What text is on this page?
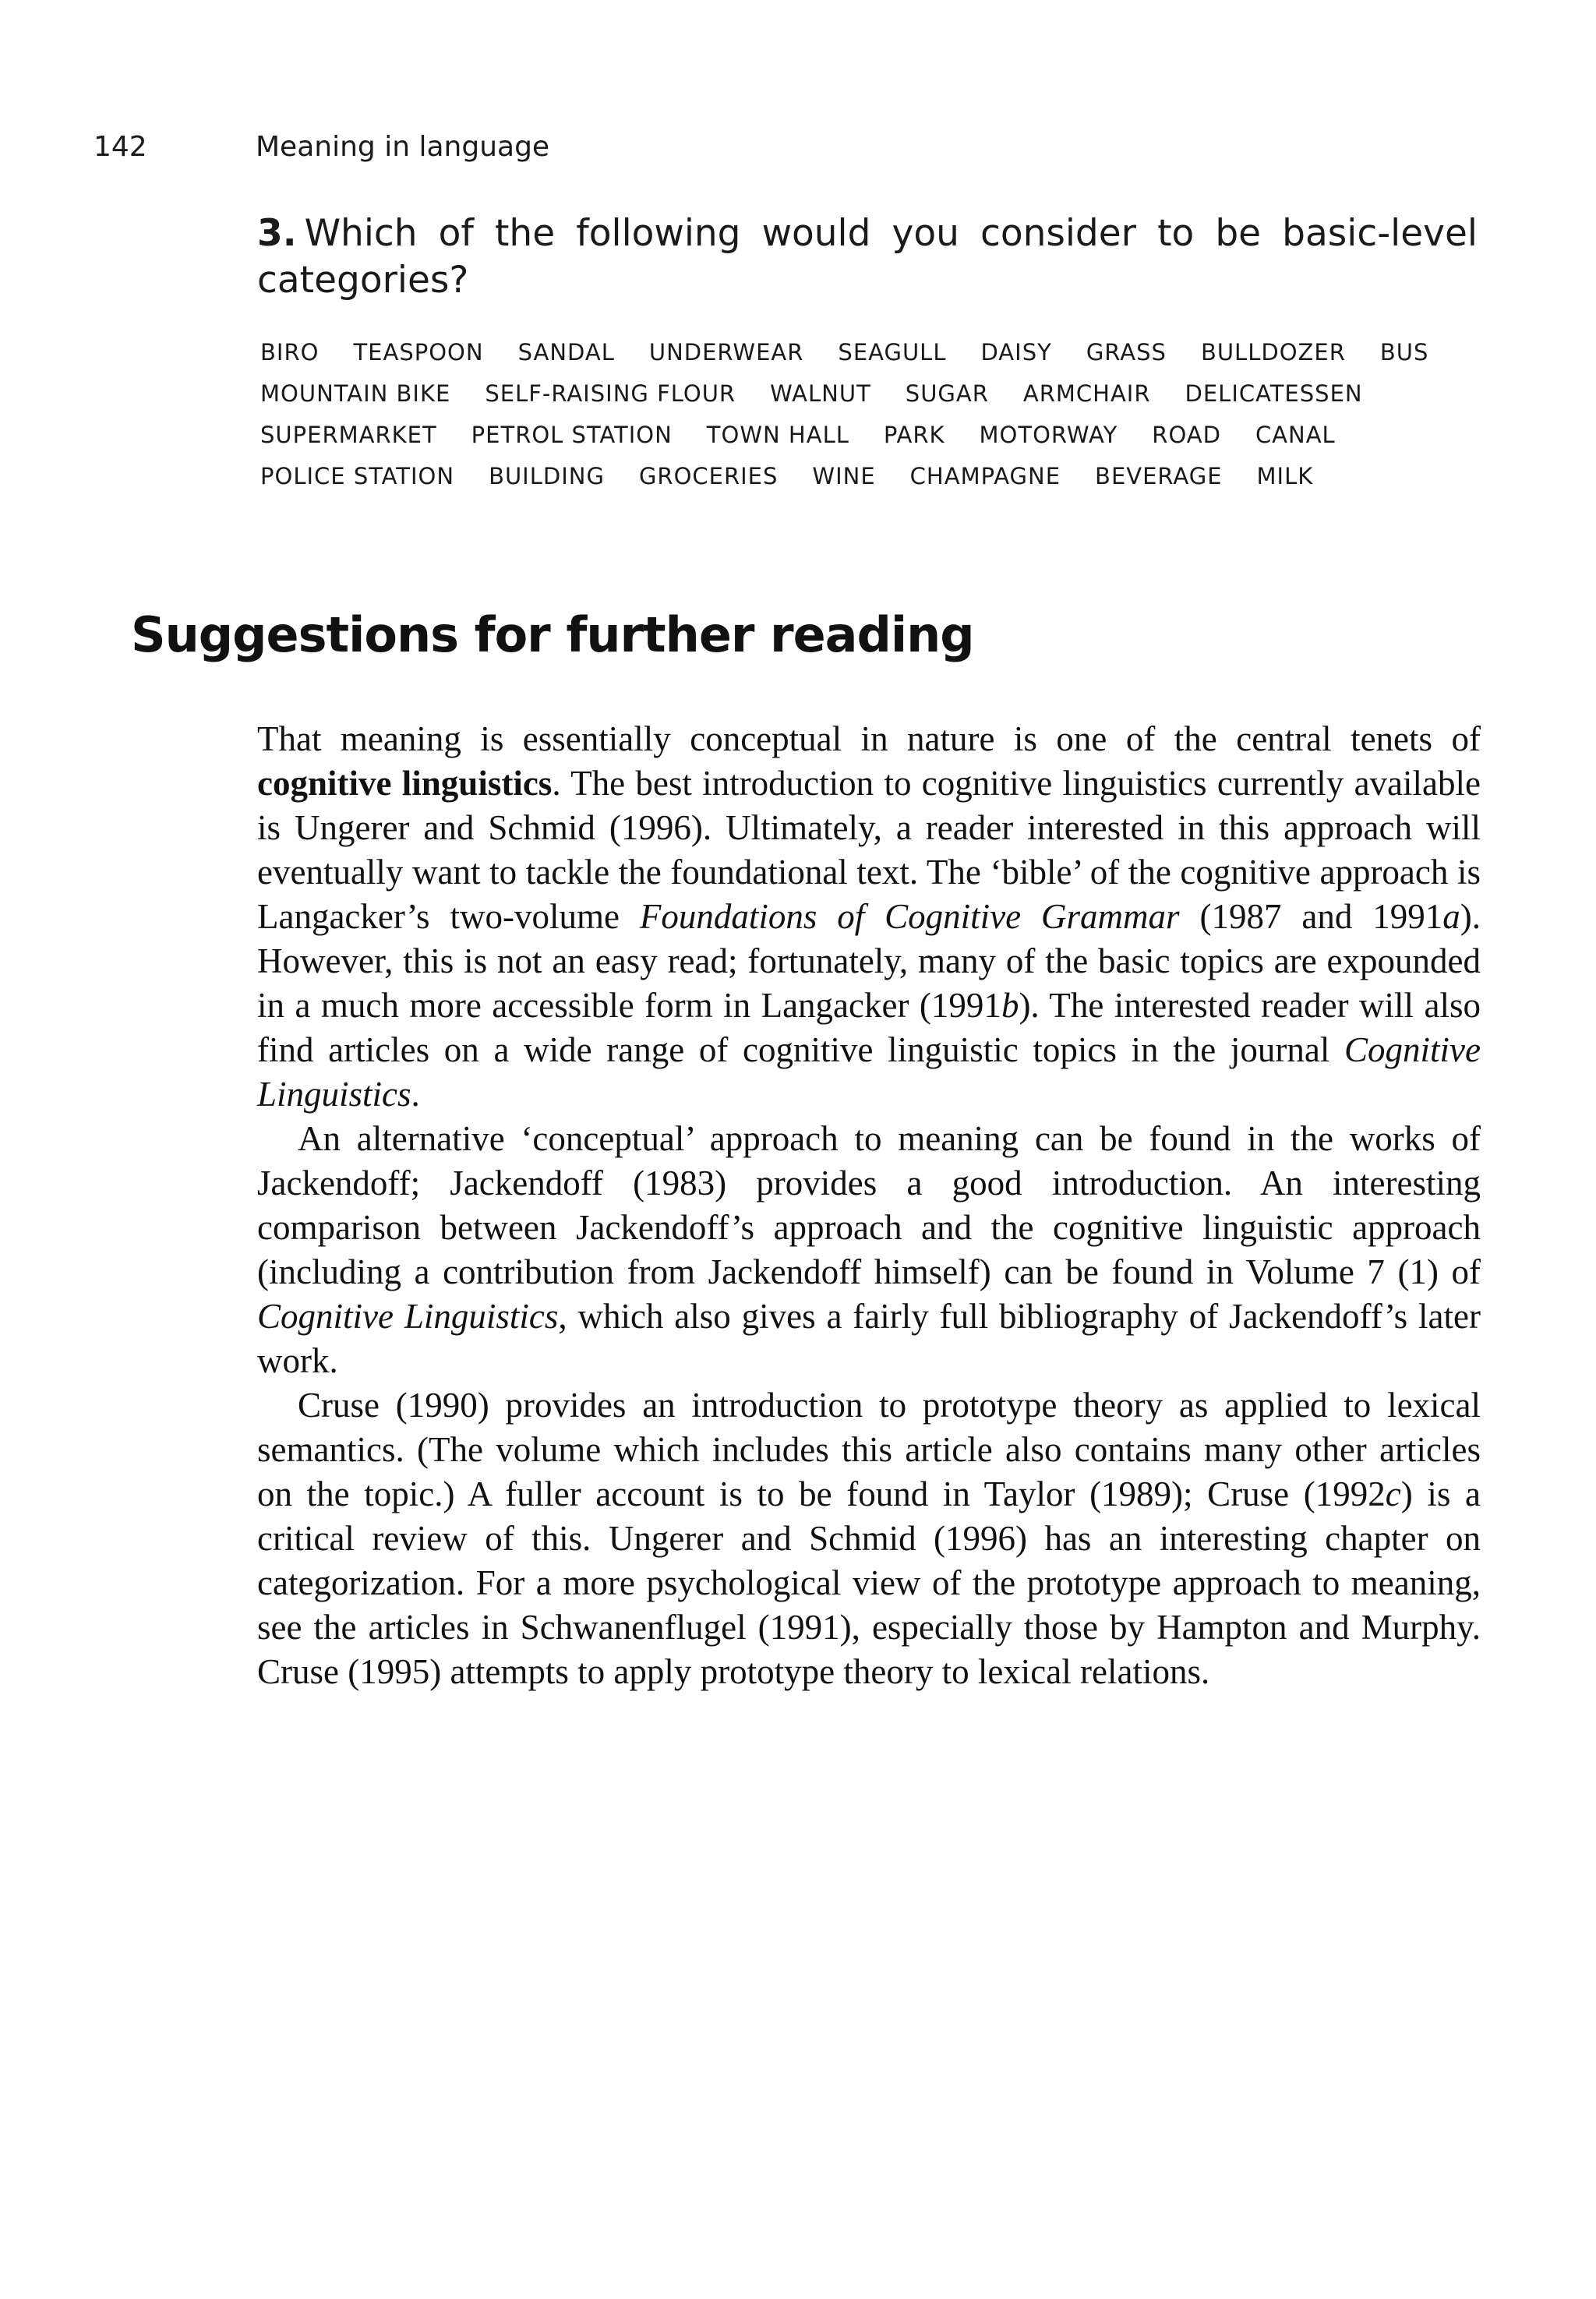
142	Meaning in language
3. Which of the following would you consider to be basic-level
categories?
BIRO TEASPOON SANDAL UNDERWEAR SEAGULL DAISY GRASS BULLDOZER BUS
MOUNTAIN BIKE SELF-RAISING FLOUR WALNUT SUGAR ARMCHAIR DELICATESSEN
SUPERMARKET PETROL STATION TOWN HALL PARK MOTORWAY ROAD CANAL
POLICE STATION BUILDING GROCERIES WINE CHAMPAGNE BEVERAGE MILK
Suggestions for further reading

That meaning is essentially conceptual in nature is one of the central tenets of cognitive linguistics. The best introduction to cognitive linguistics currently available is Ungerer and Schmid (1996). Ultimately, a reader interested in this approach will eventually want to tackle the foundational text. The ‘bible’ of the cognitive approach is Langacker’s two-volume Foundations of Cognitive Grammar (1987 and 1991a). However, this is not an easy read; fortunately, many of the basic topics are expounded in a much more accessible form in Langacker (1991b). The interested reader will also find articles on a wide range of cognitive linguistic topics in the journal Cognitive Linguistics.

An alternative ‘conceptual’ approach to meaning can be found in the works of Jackendoff; Jackendoff (1983) provides a good introduction. An interesting comparison between Jackendoff’s approach and the cognitive linguistic approach (including a contribution from Jackendoff himself) can be found in Volume 7 (1) of Cognitive Linguistics, which also gives a fairly full bibliography of Jackendoff’s later work.

Cruse (1990) provides an introduction to prototype theory as applied to lexical semantics. (The volume which includes this article also contains many other articles on the topic.) A fuller account is to be found in Taylor (1989); Cruse (1992c) is a critical review of this. Ungerer and Schmid (1996) has an interesting chapter on categorization. For a more psychological view of the prototype approach to meaning, see the articles in Schwanenflugel (1991), especially those by Hampton and Murphy. Cruse (1995) attempts to apply prototype theory to lexical relations.
